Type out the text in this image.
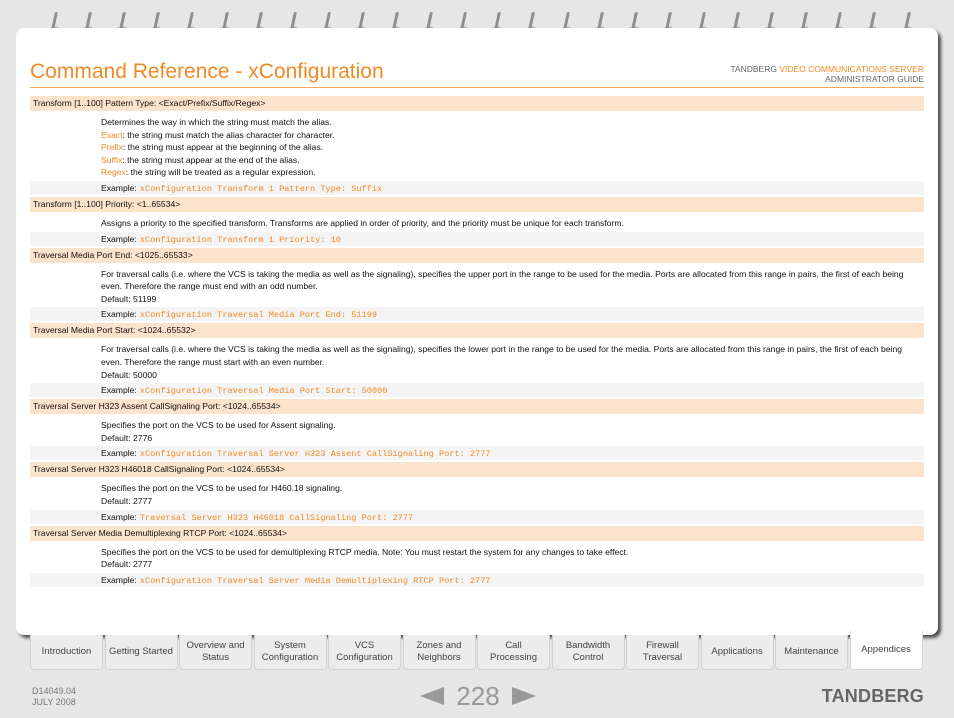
Command Reference - xConfiguration	TANDBERG VIDEO COMMUNICATIONS SERVER
ADMINISTRATOR GUIDE
Transform [1..100] Pattern Type: <Exact/Prefix/Suffix/Regex>
Determines the way in which the string must match the alias.
Exact: the string must match the alias character for character.
Prefix: the string must appear at the beginning of the alias.
Suffix: the string must appear at the end of the alias.
Regex: the string will be treated as a regular expression.
Example: xConfiguration Transform 1 Pattern Type: Suffix
Transform [1..100] Priority: <1..65534>
Assigns a priority to the specified transform. Transforms are applied in order of priority, and the priority must be unique for each transform.
Example: xConfiguration Transform 1 Priority: 10
Traversal Media Port End: <1025..65533>
For traversal calls (i.e. where the VCS is taking the media as well as the signaling), specifies the upper port in the range to be used for the media. Ports are allocated from this range in pairs, the first of each being even. Therefore the range must end with an odd number.
Default: 51199
Example: xConfiguration Traversal Media Port End: 51199
Traversal Media Port Start: <1024..65532>
For traversal calls (i.e. where the VCS is taking the media as well as the signaling), specifies the lower port in the range to be used for the media. Ports are allocated from this range in pairs, the first of each being even. Therefore the range must start with an even number.
Default: 50000
Example: xConfiguration Traversal Media Port Start: 50000
Traversal Server H323 Assent CallSignaling Port: <1024..65534>
Specifies the port on the VCS to be used for Assent signaling.
Default: 2776
Example: xConfiguration Traversal Server H323 Assent CallSignaling Port: 2777
Traversal Server H323 H46018 CallSignaling Port: <1024..65534>
Specifies the port on the VCS to be used for H460.18 signaling.
Default: 2777
Example: Traversal Server H323 H46018 CallSignaling Port: 2777
Traversal Server Media Demultiplexing RTCP Port: <1024..65534>
Specifies the port on the VCS to be used for demultiplexing RTCP media. Note: You must restart the system for any changes to take effect.
Default: 2777
Example: xConfiguration Traversal Server Media Demultiplexing RTCP Port: 2777
Introduction	Getting Started
Overview and
Status
System
Configuration
VCS
Configuration
Zones and
Neighbors
Call
Processing
Bandwidth
Control
Firewall
Traversal
Applications	Maintenance	Appendices
D14049.04
JULY 2008	228	TANDBERG
